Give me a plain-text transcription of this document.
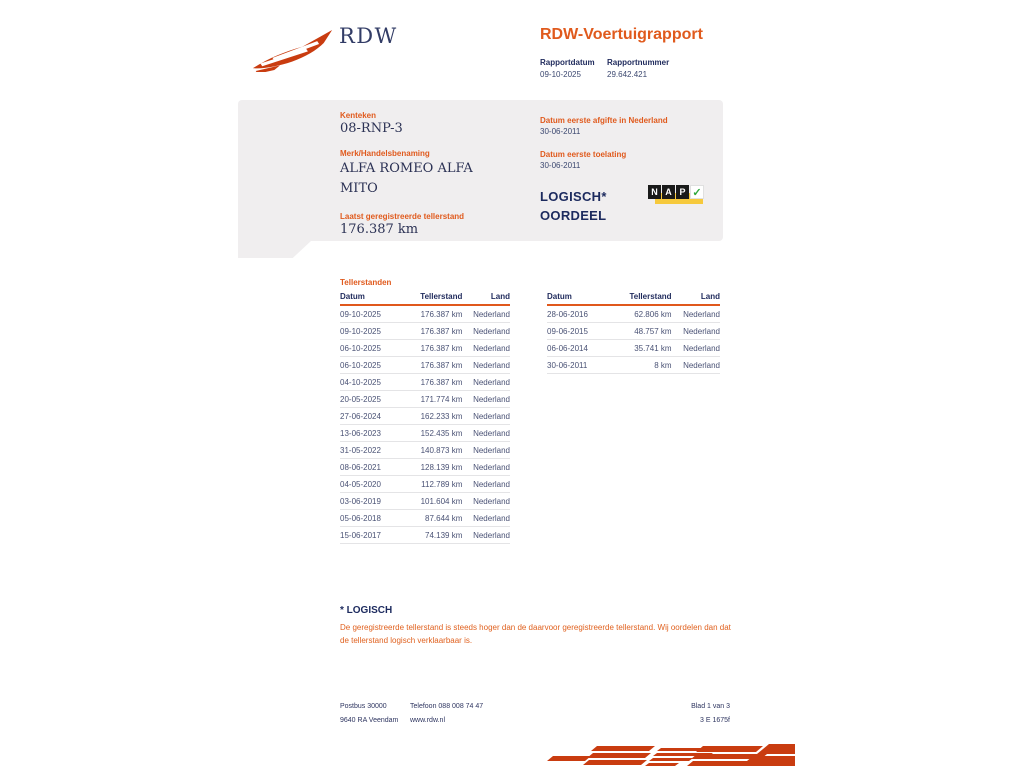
RDW	RDW-Voertuigrapport
Rapportdatum Rapportnummer
09-10-2025	29.642.421
Kenteken
08-RNP-3
Merk/Handelsbenaming
ALFA ROMEO ALFA MITO
Laatst geregistreerde tellerstand
176.387 km
Datum eerste afgifte in Nederland
30-06-2011
Datum eerste toelating
30-06-2011
LOGISCH*
OORDEEL
N A P ✓
Tellerstanden
Datum	Tellerstand	Land
09-10-2025	176.387 km	Nederland
09-10-2025	176.387 km	Nederland
06-10-2025	176.387 km	Nederland
06-10-2025	176.387 km	Nederland
04-10-2025	176.387 km	Nederland
20-05-2025	171.774 km	Nederland
27-06-2024	162.233 km	Nederland
13-06-2023	152.435 km	Nederland
31-05-2022	140.873 km	Nederland
08-06-2021	128.139 km	Nederland
04-05-2020	112.789 km	Nederland
03-06-2019	101.604 km	Nederland
05-06-2018	87.644 km	Nederland
15-06-2017	74.139 km	Nederland
Datum	Tellerstand	Land
28-06-2016	62.806 km	Nederland
09-06-2015	48.757 km	Nederland
06-06-2014	35.741 km	Nederland
30-06-2011	8 km	Nederland
* LOGISCH
De geregistreerde tellerstand is steeds hoger dan de daarvoor geregistreerde tellerstand. Wij oordelen dan dat de tellerstand logisch verklaarbaar is.
Postbus 30000
9640 RA Veendam
Telefoon 088 008 74 47
www.rdw.nl
Blad 1 van 3
3 E 1675f
